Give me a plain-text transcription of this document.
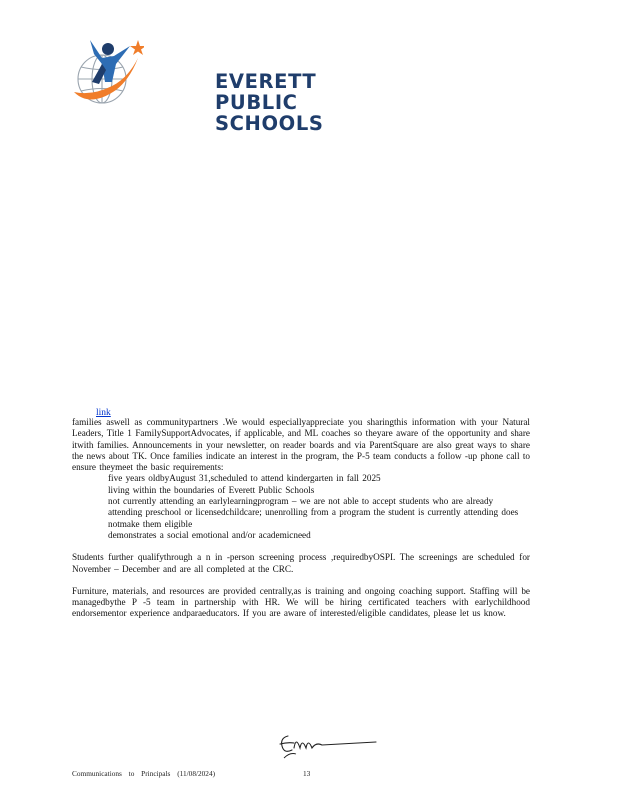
EVERETT
PUBLIC
SCHOOLS
link

families aswell as communitypartners .We would especiallyappreciate you sharingthis information with your Natural Leaders, Title 1 FamilySupportAdvocates, if applicable, and ML coaches so theyare aware of the opportunity and share itwith families. Announcements in your newsletter, on reader boards and via ParentSquare are also great ways to share the news about TK. Once families indicate an interest in the program, the P-5 team conducts a follow -up phone call to ensure theymeet the basic requirements:

five years oldbyAugust 31,scheduled to attend kindergarten in fall 2025
living within the boundaries of Everett Public Schools
not currently attending an earlylearningprogram – we are not able to accept students who are already attending preschool or licensedchildcare; unenrolling from a program the student is currently attending does notmake them eligible
demonstrates a social emotional and/or academicneed

Students further qualifythrough a n in -person screening process ,requiredbyOSPI. The screenings are scheduled for November – December and are all completed at the CRC.

Furniture, materials, and resources are provided centrally,as is training and ongoing coaching support. Staffing will be managedbythe P -5 team in partnership with HR. We will be hiring certificated teachers with earlychildhood endorsementor experience andparaeducators. If you are aware of interested/eligible candidates, please let us know.

Communications to Principals (11/08/2024)	13
